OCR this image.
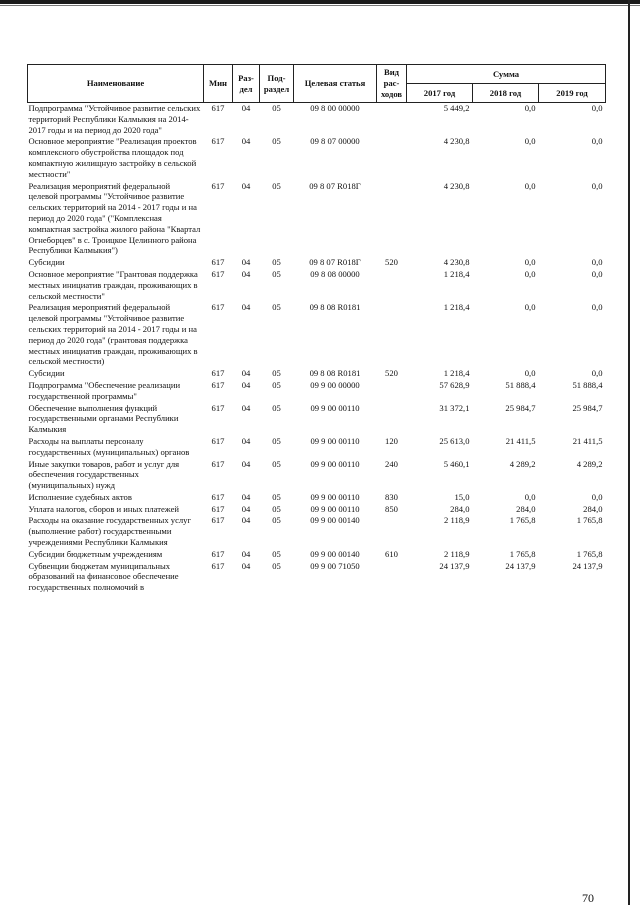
Наименование	Мин	Раз-дел	Под-раздел	Целевая статья	Вид рас-ходов	Сумма		
						2017 год	2018 год	2019 год
Подпрограмма "Устойчивое развитие сельских территорий Республики Калмыкия на 2014-2017 годы и на период до 2020 года"	617	04	05	09 8 00 00000		5 449,2	0,0	0,0
Основное мероприятие "Реализация проектов комплексного обустройства площадок под компактную жилищную застройку в сельской местности"	617	04	05	09 8 07 00000		4 230,8	0,0	0,0
Реализация мероприятий федеральной целевой программы "Устойчивое развитие сельских территорий на 2014 - 2017 годы и на период до 2020 года" ("Комплексная компактная застройка жилого района "Квартал Огнеборцев" в с. Троицкое Целинного района Республики Калмыкия")	617	04	05	09 8 07 R018Г		4 230,8	0,0	0,0
Субсидии	617	04	05	09 8 07 R018Г	520	4 230,8	0,0	0,0
Основное мероприятие "Грантовая поддержка местных инициатив граждан, проживающих в сельской местности"	617	04	05	09 8 08 00000		1 218,4	0,0	0,0
Реализация мероприятий федеральной целевой программы "Устойчивое развитие сельских территорий на 2014 - 2017 годы и на период до 2020 года" (грантовая поддержка местных инициатив граждан, проживающих в сельской местности)	617	04	05	09 8 08 R0181		1 218,4	0,0	0,0
Субсидии	617	04	05	09 8 08 R0181	520	1 218,4	0,0	0,0
Подпрограмма "Обеспечение реализации государственной программы"	617	04	05	09 9 00 00000		57 628,9	51 888,4	51 888,4
Обеспечение выполнения функций государственными органами Республики Калмыкия	617	04	05	09 9 00 00110		31 372,1	25 984,7	25 984,7
Расходы на выплаты персоналу государственных (муниципальных) органов	617	04	05	09 9 00 00110	120	25 613,0	21 411,5	21 411,5
Иные закупки товаров, работ и услуг для обеспечения государственных (муниципальных) нужд	617	04	05	09 9 00 00110	240	5 460,1	4 289,2	4 289,2
Исполнение судебных актов	617	04	05	09 9 00 00110	830	15,0	0,0	0,0
Уплата налогов, сборов и иных платежей	617	04	05	09 9 00 00110	850	284,0	284,0	284,0
Расходы на оказание государственных услуг (выполнение работ) государственными учреждениями Республики Калмыкия	617	04	05	09 9 00 00140		2 118,9	1 765,8	1 765,8
Субсидии бюджетным учреждениям	617	04	05	09 9 00 00140	610	2 118,9	1 765,8	1 765,8
Субвенции бюджетам муниципальных образований на финансовое обеспечение государственных полномочий в	617	04	05	09 9 00 71050		24 137,9	24 137,9	24 137,9
70
